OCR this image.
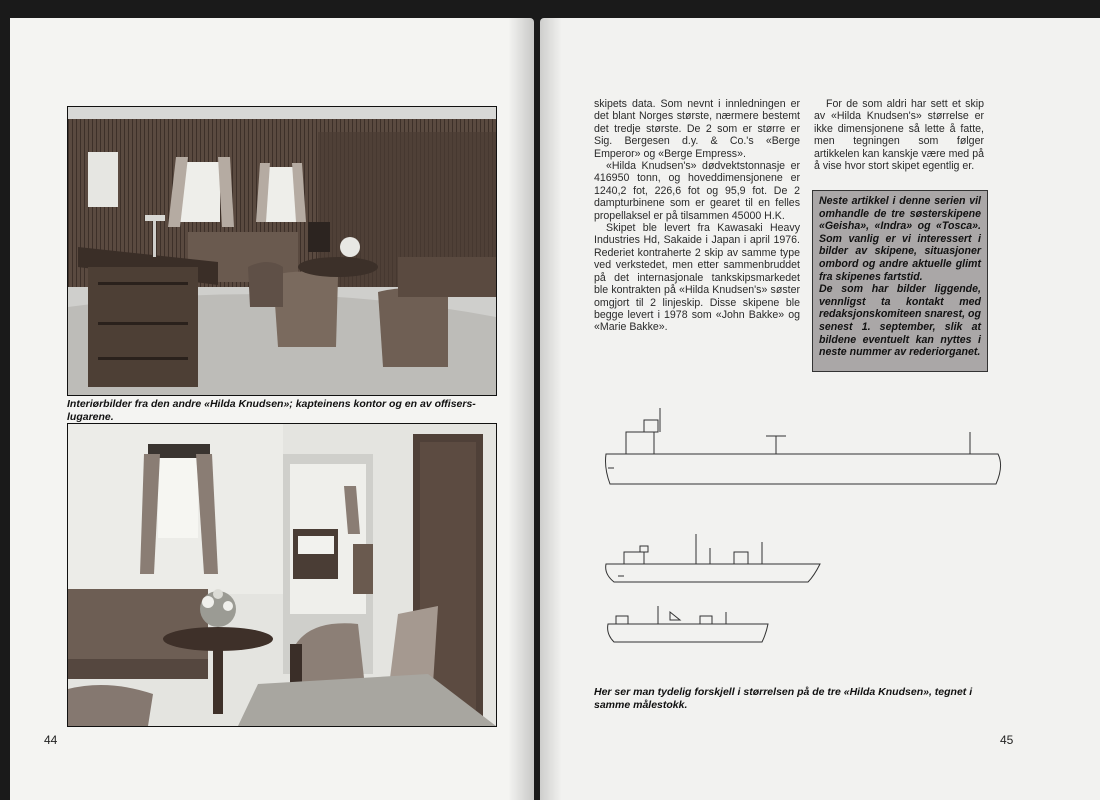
Interiørbilder fra den andre «Hilda Knudsen»; kapteinens kontor og en av offisers-lugarene.
44

skipets data. Som nevnt i innledningen er det blant Norges største, nærmere bestemt det tredje største. De 2 som er større er Sig. Bergesen d.y. & Co.'s «Berge Emperor» og «Berge Empress».

«Hilda Knudsen's» dødvektstonnasje er 416950 tonn, og hoveddimensjonene er 1240,2 fot, 226,6 fot og 95,9 fot. De 2 dampturbinene som er gearet til en felles propellaksel er på tilsammen 45000 H.K.

Skipet ble levert fra Kawasaki Heavy Industries Hd, Sakaide i Japan i april 1976. Rederiet kontraherte 2 skip av samme type ved verkstedet, men etter sammenbruddet på det internasjonale tankskipsmarkedet ble kontrakten på «Hilda Knudsen's» søster omgjort til 2 linjeskip. Disse skipene ble begge levert i 1978 som «John Bakke» og «Marie Bakke».

For de som aldri har sett et skip av «Hilda Knudsen's» størrelse er ikke dimensjonene så lette å fatte, men tegningen som følger artikkelen kan kanskje være med på å vise hvor stort skipet egentlig er.

Neste artikkel i denne serien vil omhandle de tre søsterskipene «Geisha», «Indra» og «Tosca». Som vanlig er vi interessert i bilder av skipene, situasjoner ombord og andre aktuelle glimt fra skipenes fartstid.

De som har bilder liggende, vennligst ta kontakt med redaksjonskomiteen snarest, og senest 1. september, slik at bildene eventuelt kan nyttes i neste nummer av rederiorganet.

Her ser man tydelig forskjell i størrelsen på de tre «Hilda Knudsen», tegnet i samme målestokk.
45
